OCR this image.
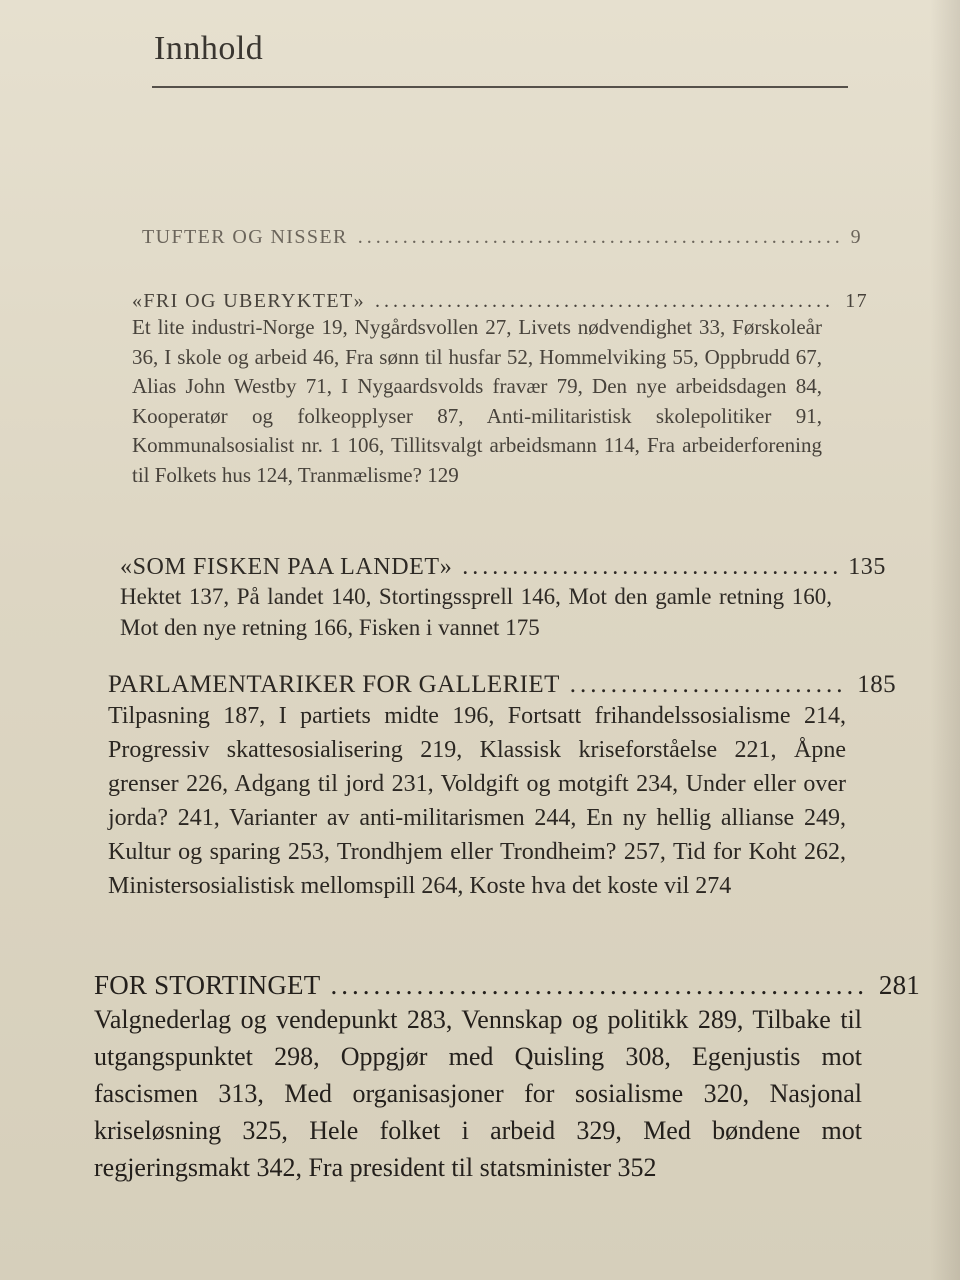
Innhold
TUFTER OG NISSER .....	9
«FRI OG UBERYKTET» .....	17

Et lite industri-Norge 19, Nygårdsvollen 27, Livets nødvendighet 33, Førskoleår 36, I skole og arbeid 46, Fra sønn til husfar 52, Hommelviking 55, Oppbrudd 67, Alias John Westby 71, I Nygaardsvolds fravær 79, Den nye arbeidsdagen 84, Kooperatør og folkeopplyser 87, Anti-militaristisk skolepolitiker 91, Kommunalsosialist nr. 1 106, Tillitsvalgt arbeidsmann 114, Fra arbeiderforening til Folkets hus 124, Tranmælisme? 129

«SOM FISKEN PAA LANDET» .....	135

Hektet 137, På landet 140, Stortingssprell 146, Mot den gamle retning 160, Mot den nye retning 166, Fisken i vannet 175

PARLAMENTARIKER FOR GALLERIET .....	185

Tilpasning 187, I partiets midte 196, Fortsatt frihandelssosialisme 214, Progressiv skattesosialisering 219, Klassisk kriseforståelse 221, Åpne grenser 226, Adgang til jord 231, Voldgift og motgift 234, Under eller over jorda? 241, Varianter av anti-militarismen 244, En ny hellig allianse 249, Kultur og sparing 253, Trondhjem eller Trondheim? 257, Tid for Koht 262, Ministersosialistisk mellomspill 264, Koste hva det koste vil 274

FOR STORTINGET .....	281

Valgnederlag og vendepunkt 283, Vennskap og politikk 289, Tilbake til utgangspunktet 298, Oppgjør med Quisling 308, Egenjustis mot fascismen 313, Med organisasjoner for sosialisme 320, Nasjonal kriseløsning 325, Hele folket i arbeid 329, Med bøndene mot regjeringsmakt 342, Fra president til statsminister 352
